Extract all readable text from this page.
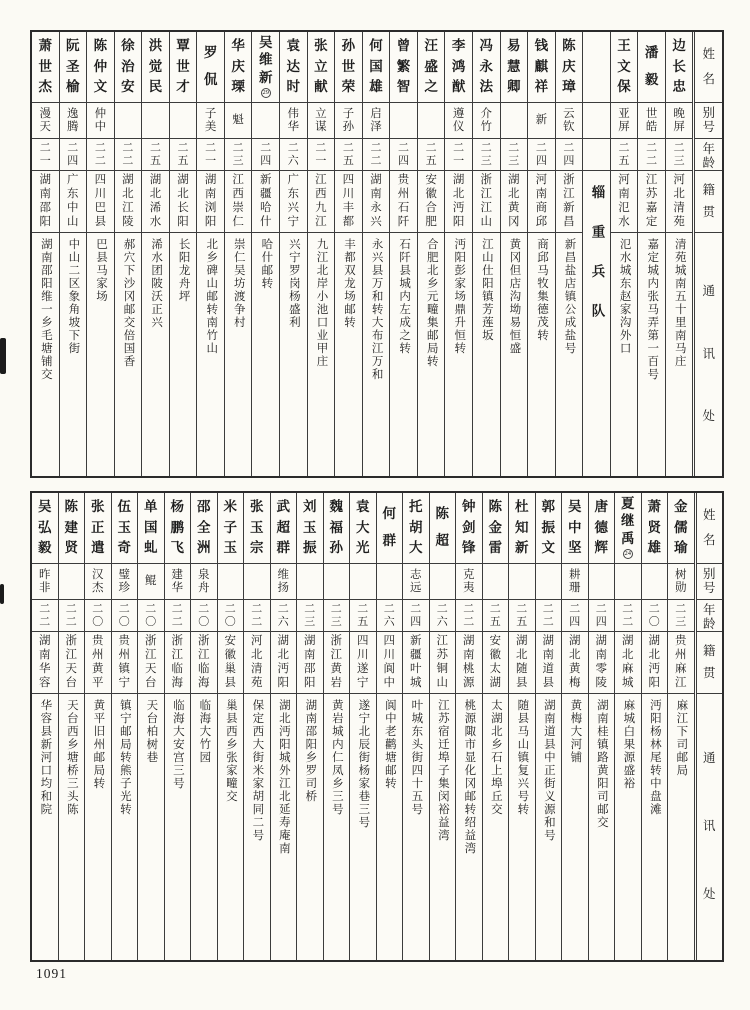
姓
名
别
号
年
龄
籍
贯
通
讯
处
边
长
忠
晚
屏
二
三
河
北
清
苑
清苑城南五十里南马庄
潘
毅
世
皓
二
二
江
苏
嘉
定
嘉定城内张马弄第一百号
王
文
保
亚
屏
二
五
河
南
氾
水
氾水城东赵家沟外口
辎重兵队
陈
庆
璋
云
钦
二
四
浙
江
新
昌
新昌盐店镇公成盐号
钱
麒
祥
新
二
四
河
南
商
邱
商邱马牧集德茂转
易
慧
卿
二
三
湖
北
黄
冈
黄冈但店沟坳易恒盛
冯
永
法
介
竹
二
三
浙
江
江
山
江山仕阳镇芳莲坂
李
鸿
猷
遵
仪
二
一
湖
北
沔
阳
沔阳彭家场鼎升恒转
汪
盛
之
二
五
安
徽
合
肥
合肥北乡元疃集邮局转
曾
繁
智
二
四
贵
州
石
阡
石阡县城内左成之转
何
国
雄
启
泽
二
二
湖
南
永
兴
永兴县万和转大布江万和
孙
世
荣
子
孙
二
五
四
川
丰
都
丰都双龙场邮转
张
立
献
立
谋
二
一
江
西
九
江
九江北岸小池口业甲庄
袁
达
时
伟
华
二
六
广
东
兴
宁
兴宁罗岗杨盛利
吴
维
新
29
二
四
新
疆
哈
什
哈什邮转
华
庆
瑮
魁
二
三
江
西
崇
仁
崇仁吴坊渡争村
罗
侃
子
美
二
一
湖
南
浏
阳
北乡碑山邮转南竹山
覃
世
才
二
五
湖
北
长
阳
长阳龙舟坪
洪
觉
民
二
五
湖
北
浠
水
浠水团陂沃正兴
徐
治
安
二
二
湖
北
江
陵
郝穴下沙冈邮交倍国香
陈
仲
文
仲
中
二
二
四
川
巴
县
巴县马家场
阮
圣
榆
逸
腾
二
四
广
东
中
山
中山二区象角坡下街
萧
世
杰
漫
天
二
一
湖
南
邵
阳
湖南邵阳维一乡毛塘铺交
姓
名
别
号
年
龄
籍
贯
通
讯
处
金
儒
瑜
树
勋
二
三
贵
州
麻
江
麻江下司邮局
萧
贤
雄
二
〇
湖
北
沔
阳
沔阳杨林尾转中盘滩
夏
继
禹
24
二
二
湖
北
麻
城
麻城白果源盛裕
唐
德
辉
二
四
湖
南
零
陵
湖南桂镇路黄阳司邮交
吴
中
坚
耕
珊
二
四
湖
北
黄
梅
黄梅大河铺
郭
振
文
二
二
湖
南
道
县
湖南道县中正街义源和号
杜
知
新
二
五
湖
北
随
县
随县马山镇复兴号转
陈
金
雷
二
五
安
徽
太
湖
太湖北乡石上埠丘交
钟
剑
锋
克
夷
二
二
湖
南
桃
源
桃源陬市显化冈邮转绍益湾
陈
超
二
六
江
苏
铜
山
江苏宿迁埠子集闵裕益湾
托
胡
大
志
远
二
四
新
疆
叶
城
叶城东头街四十五号
何
群
二
六
四
川
阆
中
阆中老鹳塘邮转
袁
大
光
二
五
四
川
遂
宁
遂宁北辰街杨家巷三号
魏
福
孙
二
三
浙
江
黄
岩
黄岩城内仁凤乡三号
刘
玉
振
二
三
湖
南
邵
阳
湖南邵阳乡罗司桥
武
超
群
维
扬
二
六
湖
北
沔
阳
湖北沔阳城外江北延寿庵南
张
玉
宗
二
二
河
北
清
苑
保定西大街米家胡同二号
米
子
玉
二
〇
安
徽
巢
县
巢县西乡张家疃交
邵
全
洲
泉
舟
二
〇
浙
江
临
海
临海大竹园
杨
鹏
飞
建
华
二
二
浙
江
临
海
临海大安宫三号
单
国
虬
鲲
二
〇
浙
江
天
台
天台柏树巷
伍
玉
奇
璧
珍
二
〇
贵
州
镇
宁
镇宁邮局转熊子光转
张
正
遣
汉
杰
二
〇
贵
州
黄
平
黄平旧州邮局转
陈
建
贤
二
二
浙
江
天
台
天台西乡塘桥三头陈
吴
弘
毅
昨
非
二
二
湖
南
华
容
华容县新河口均和院
1091
